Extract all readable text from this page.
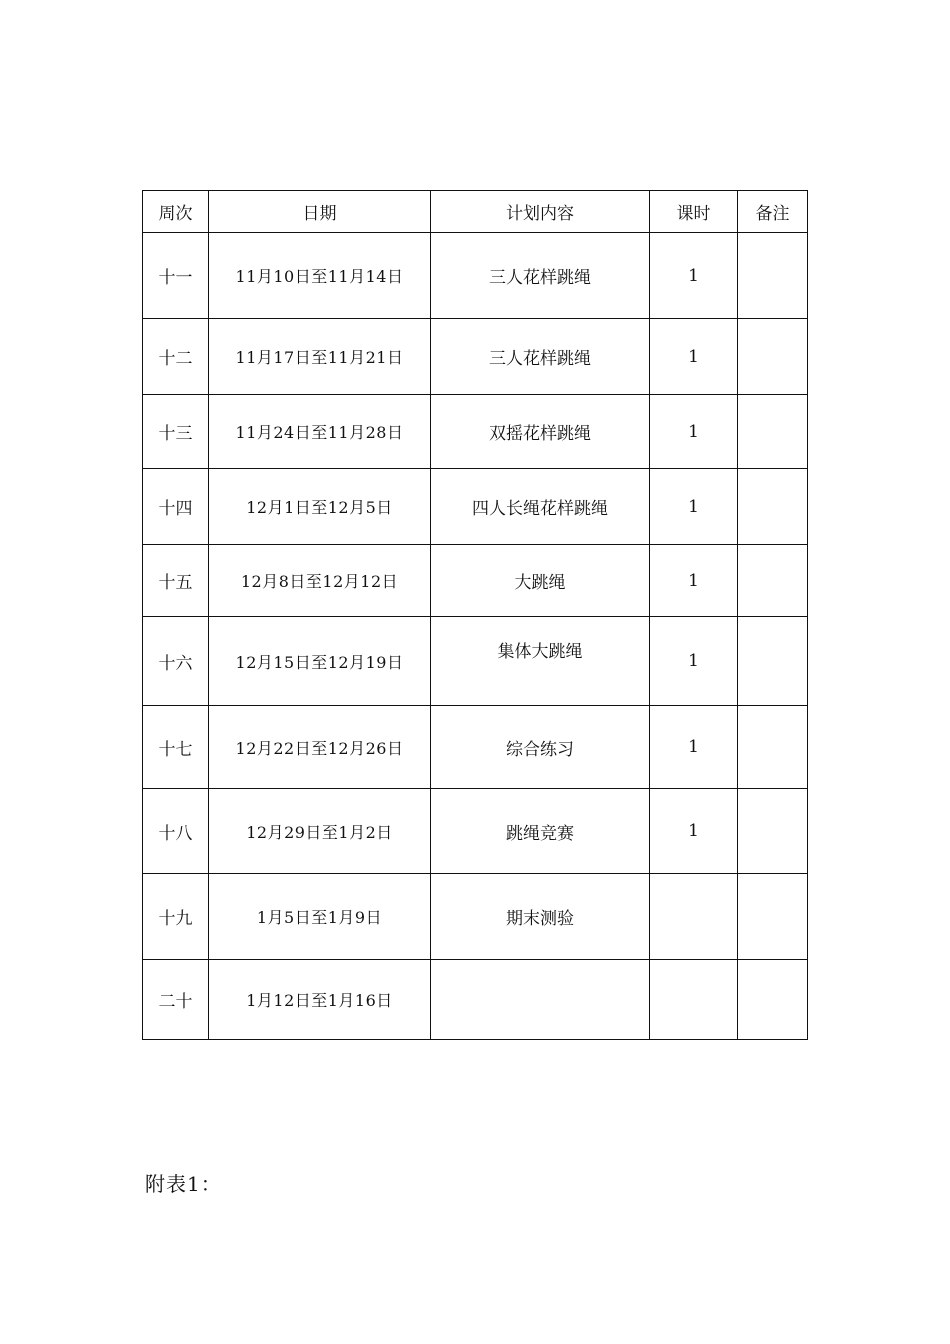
周次	日期	计划内容	课时	备注
十一	11月10日至11月14日	三人花样跳绳	1	
十二	11月17日至11月21日	三人花样跳绳	1	
十三	11月24日至11月28日	双摇花样跳绳	1	
十四	12月1日至12月5日	四人长绳花样跳绳	1	
十五	12月8日至12月12日	大跳绳	1	
十六	12月15日至12月19日	集体大跳绳	1	
十七	12月22日至12月26日	综合练习	1	
十八	12月29日至1月2日	跳绳竞赛	1	
十九	1月5日至1月9日	期末测验		
二十	1月12日至1月16日			
附表1：
